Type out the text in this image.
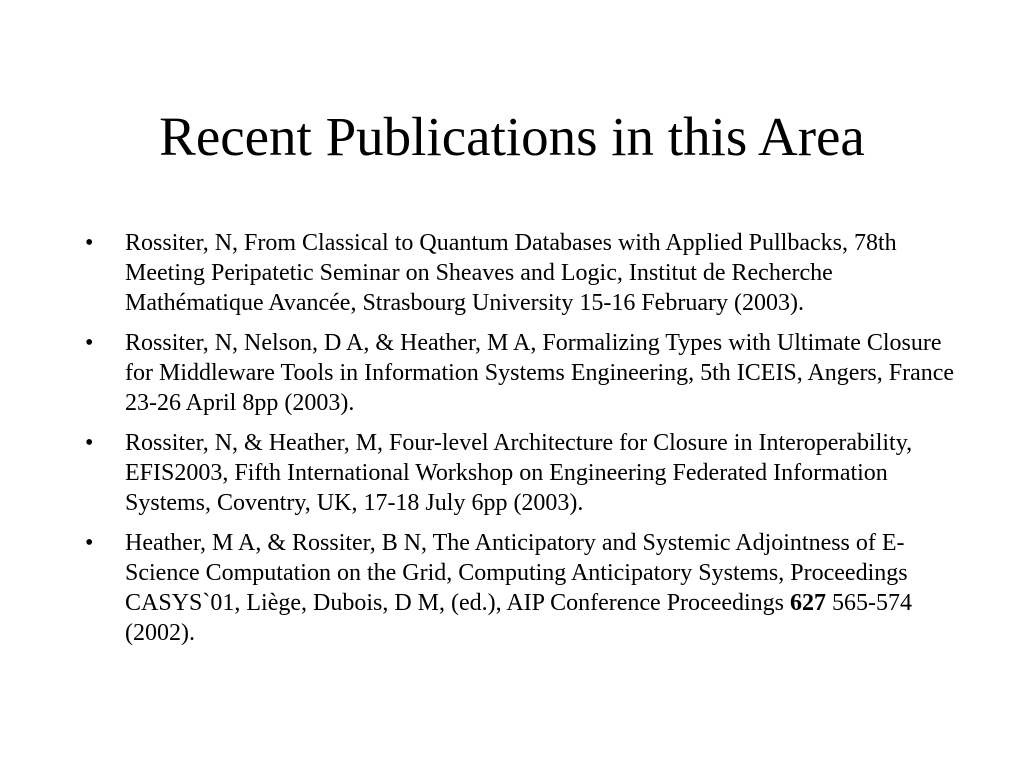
Recent Publications in this Area
•	Rossiter, N, From Classical to Quantum Databases with Applied Pullbacks, 78th Meeting Peripatetic Seminar on Sheaves and Logic, Institut de Recherche Mathématique Avancée, Strasbourg University 15-16 February (2003).
•	Rossiter, N, Nelson, D A, & Heather, M A, Formalizing Types with Ultimate Closure for Middleware Tools in Information Systems Engineering, 5th ICEIS, Angers, France 23-26 April 8pp (2003).
•	Rossiter, N, & Heather, M, Four-level Architecture for Closure in Interoperability, EFIS2003, Fifth International Workshop on Engineering Federated Information Systems, Coventry, UK, 17-18 July 6pp (2003).
•	Heather, M A, & Rossiter, B N, The Anticipatory and Systemic Adjointness of E-Science Computation on the Grid, Computing Anticipatory Systems, Proceedings CASYS`01, Liège, Dubois, D M, (ed.), AIP Conference Proceedings 627 565-574 (2002).
